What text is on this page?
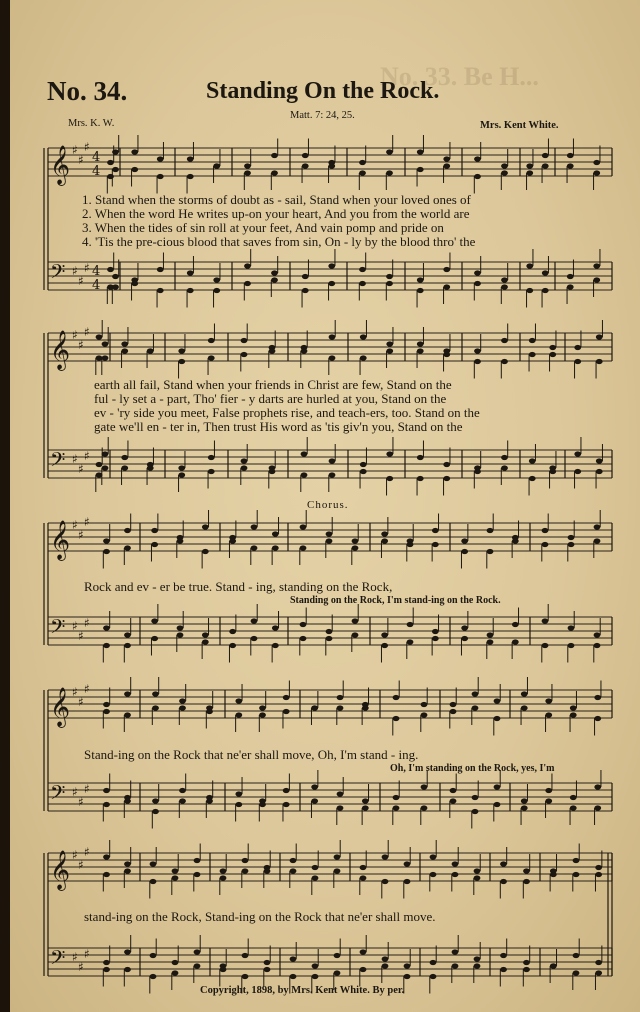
No. 33. Be H...
No. 34.	Standing On the Rock.
Mrs. K. W.
Matt. 7: 24, 25.
Mrs. Kent White.
𝄞
𝄢
♯
♯
♯
♯
♯
♯
4
4
4
4
1. Stand when the storms of doubt as - sail, Stand when your loved ones of
2. When the word He writes up-on your heart, And you from the world are
3. When the tides of sin roll at your feet, And vain pomp and pride on
4. 'Tis the pre-cious blood that saves from sin, On - ly by the blood thro' the
𝄞
𝄢
♯
♯
♯
♯
♯
♯
earth all fail, Stand when your friends in Christ are few, Stand on the
ful - ly set a - part, Tho' fier - y darts are hurled at you, Stand on the
ev - 'ry side you meet, False prophets rise, and teach-ers, too. Stand on the
gate we'll en - ter in, Then trust His word as 'tis giv'n you, Stand on the
Chorus.
𝄞
𝄢
♯
♯
♯
♯
♯
♯
Rock and ev - er be true. Stand - ing, standing on the Rock,
Standing on the Rock, I'm stand-ing on the Rock.
𝄞
𝄢
♯
♯
♯
♯
♯
♯
Stand-ing on the Rock that ne'er shall move, Oh, I'm stand - ing.
Oh, I'm standing on the Rock, yes, I'm
𝄞
𝄢
♯
♯
♯
♯
♯
♯
stand-ing on the Rock, Stand-ing on the Rock that ne'er shall move.
Copyright, 1898, by Mrs. Kent White. By per.
